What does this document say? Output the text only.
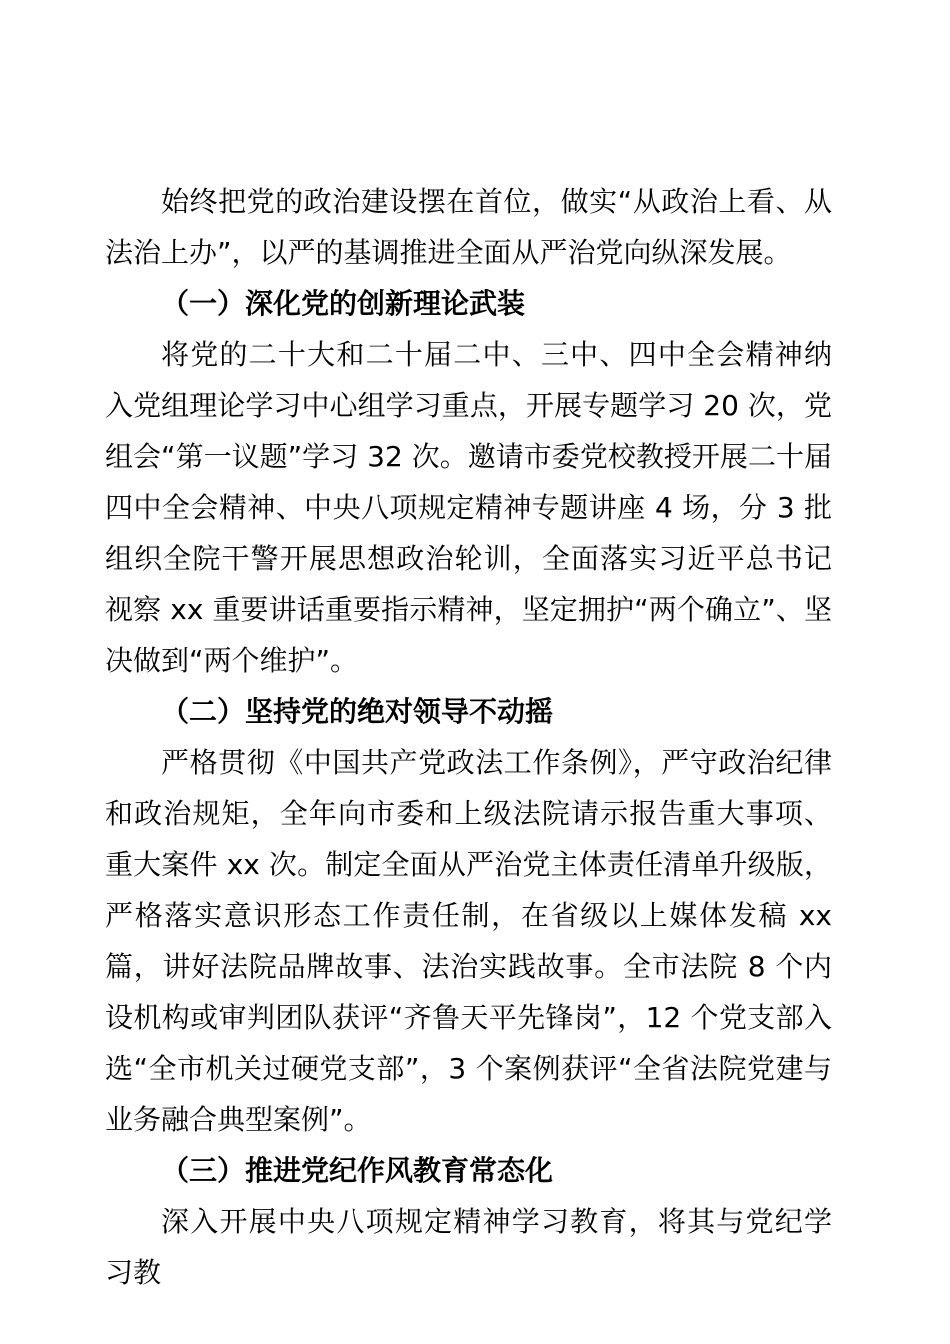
始终把党的政治建设摆在首位，做实“从政治上看、从法治上办”，以严的基调推进全面从严治党向纵深发展。

（一）深化党的创新理论武装

将党的二十大和二十届二中、三中、四中全会精神纳入党组理论学习中心组学习重点，开展专题学习 20 次，党组会“第一议题”学习 32 次。邀请市委党校教授开展二十届四中全会精神、中央八项规定精神专题讲座 4 场，分 3 批组织全院干警开展思想政治轮训，全面落实习近平总书记视察 xx 重要讲话重要指示精神，坚定拥护“两个确立”、坚决做到“两个维护”。

（二）坚持党的绝对领导不动摇

严格贯彻《中国共产党政法工作条例》，严守政治纪律和政治规矩，全年向市委和上级法院请示报告重大事项、重大案件 xx 次。制定全面从严治党主体责任清单升级版，严格落实意识形态工作责任制，在省级以上媒体发稿 xx 篇，讲好法院品牌故事、法治实践故事。全市法院 8 个内设机构或审判团队获评“齐鲁天平先锋岗”，12 个党支部入选“全市机关过硬党支部”，3 个案例获评“全省法院党建与业务融合典型案例”。

（三）推进党纪作风教育常态化

深入开展中央八项规定精神学习教育，将其与党纪学习教
